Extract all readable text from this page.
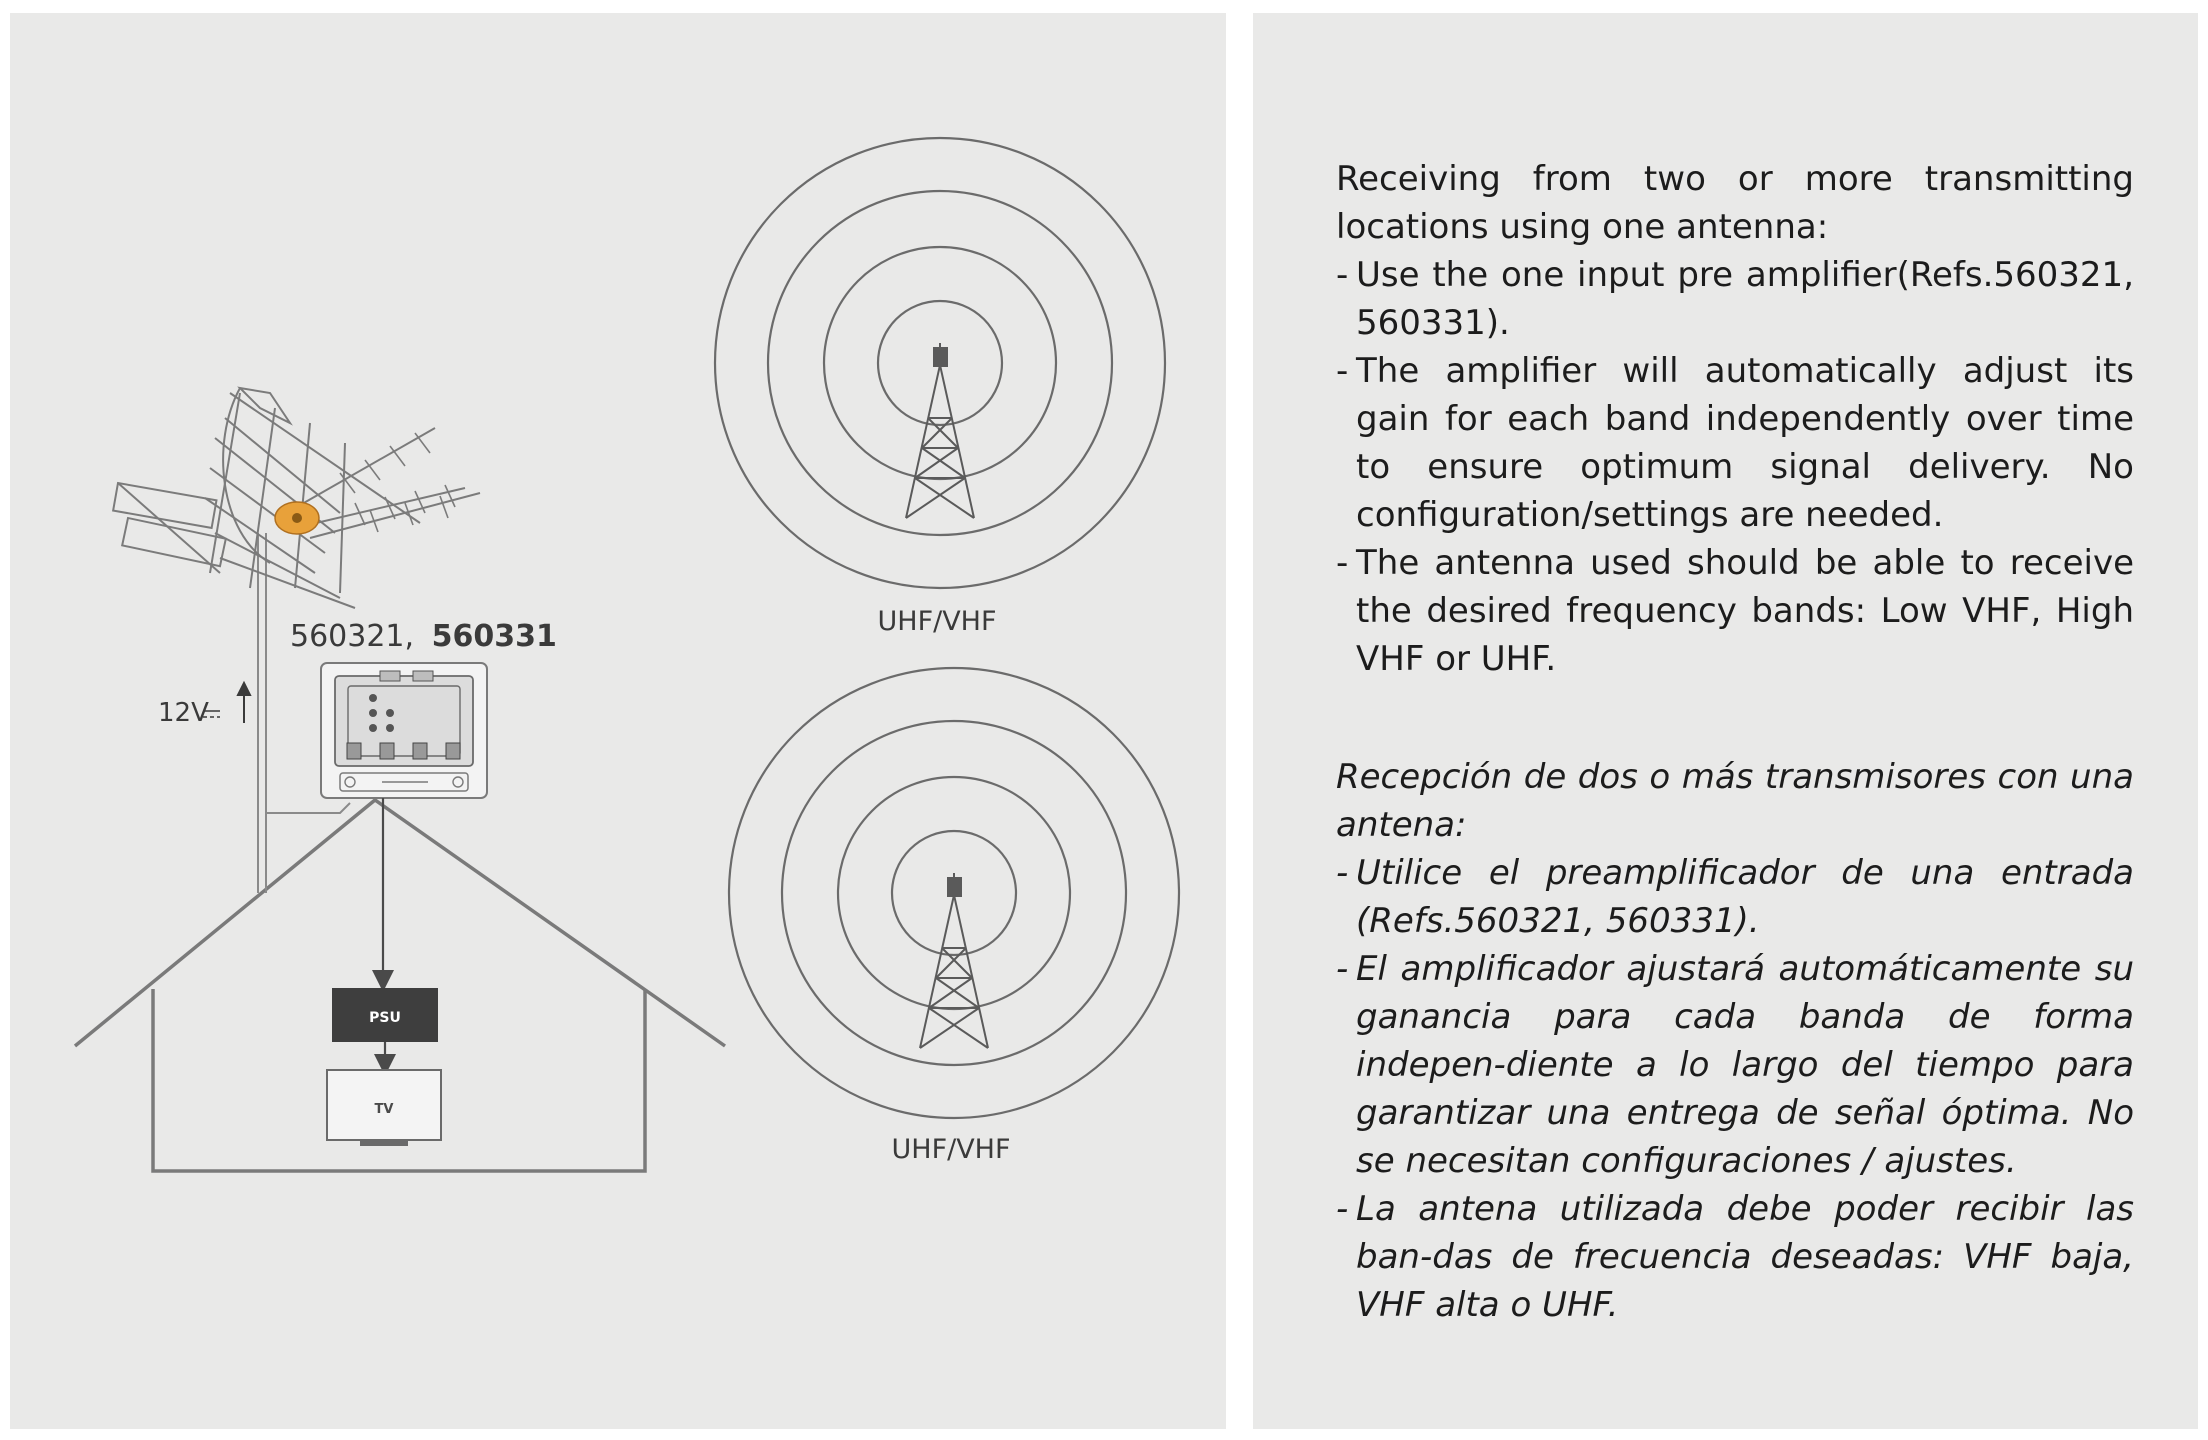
UHF/VHF
UHF/VHF
560321, 560331
12V
PSU
TV

Receiving from two or more transmitting locations using one antenna:

- Use the one input pre amplifier(Refs.560321, 560331).
- The amplifier will automatically adjust its gain for each band independently over time to ensure optimum signal delivery. No configuration/settings are needed.
- The antenna used should be able to receive the desired frequency bands: Low VHF, High VHF or UHF.

Recepción de dos o más transmisores con una antena:

- Utilice el preamplificador de una entrada (Refs.560321, 560331).
- El amplificador ajustará automáticamente su ganancia para cada banda de forma indepen-diente a lo largo del tiempo para garantizar una entrega de señal óptima. No se necesitan configuraciones / ajustes.
- La antena utilizada debe poder recibir las ban-das de frecuencia deseadas: VHF baja, VHF alta o UHF.
